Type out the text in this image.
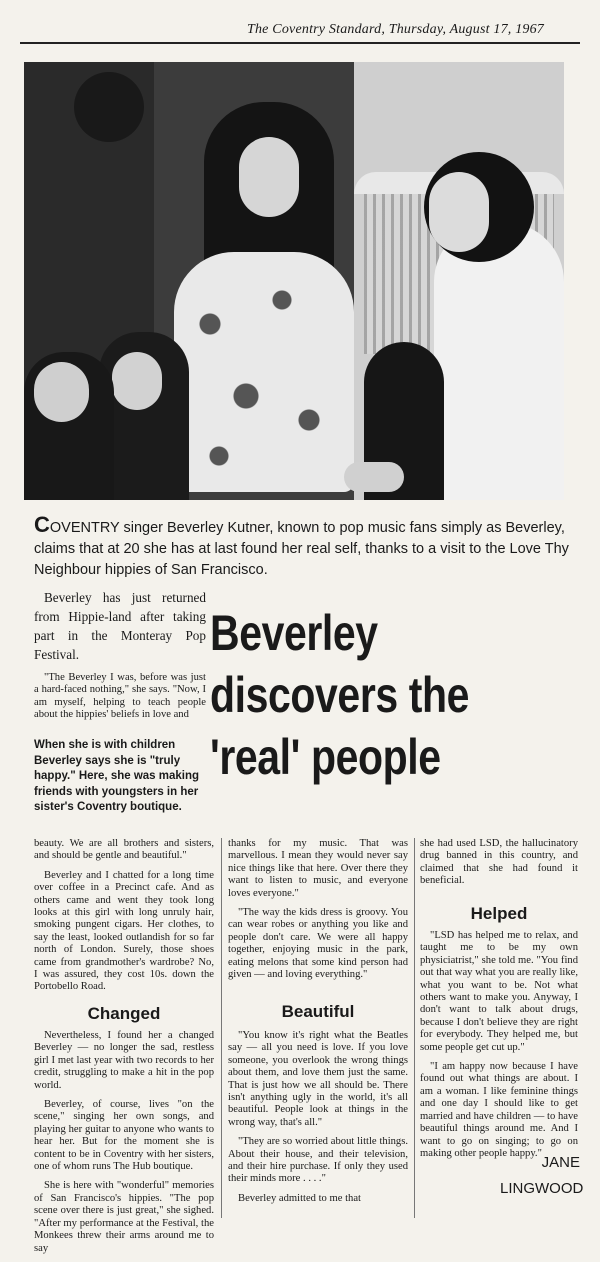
The Coventry Standard, Thursday, August 17, 1967
COVENTRY singer Beverley Kutner, known to pop music fans simply as Beverley, claims that at 20 she has at last found her real self, thanks to a visit to the Love Thy Neighbour hippies of San Francisco.

Beverley has just returned from Hippie-land after taking part in the Monteray Pop Festival.

"The Beverley I was, before was just a hard-faced nothing," she says. "Now, I am myself, helping to teach people about the hippies' beliefs in love and

When she is with children Beverley says she is "truly happy." Here, she was making friends with youngsters in her sister's Coventry boutique.
Beverley
discovers the
'real' people

beauty. We are all brothers and sisters, and should be gentle and beautiful."

Beverley and I chatted for a long time over coffee in a Precinct cafe. And as others came and went they took long looks at this girl with long unruly hair, smoking pungent cigars. Her clothes, to say the least, looked outlandish for so far north of London. Surely, those shoes came from grandmother's wardrobe? No, I was assured, they cost 10s. down the Portobello Road.

Changed

Nevertheless, I found her a changed Beverley — no longer the sad, restless girl I met last year with two records to her credit, struggling to make a hit in the pop world.

Beverley, of course, lives "on the scene," singing her own songs, and playing her guitar to anyone who wants to hear her. But for the moment she is content to be in Coventry with her sisters, one of whom runs The Hub boutique.

She is here with "wonderful" memories of San Francisco's hippies. "The pop scene over there is just great," she sighed. "After my performance at the Festival, the Monkees threw their arms around me to say

thanks for my music. That was marvellous. I mean they would never say nice things like that here. Over there they want to listen to music, and everyone loves everyone."

"The way the kids dress is groovy. You can wear robes or anything you like and people don't care. We were all happy together, enjoying music in the park, eating melons that some kind person had given — and loving everything."

Beautiful

"You know it's right what the Beatles say — all you need is love. If you love someone, you overlook the wrong things about them, and love them just the same. That is just how we all should be. There isn't anything ugly in the world, it's all beautiful. People look at things in the wrong way, that's all."

"They are so worried about little things. About their house, and their television, and their hire purchase. If only they used their minds more . . . ."

Beverley admitted to me that

she had used LSD, the hallucinatory drug banned in this country, and claimed that she had found it beneficial.

Helped

"LSD has helped me to relax, and taught me to be my own physiciatrist," she told me. "You find out that way what you are really like, what you want to be. Not what others want to make you. Anyway, I don't want to talk about drugs, because I don't believe they are right for everybody. They helped me, but some people get cut up."

"I am happy now because I have found out what things are about. I am a woman. I like feminine things and one day I should like to get married and have children — to have beautiful things around me. And I want to go on singing; to go on making other people happy."

JANE
LINGWOOD
